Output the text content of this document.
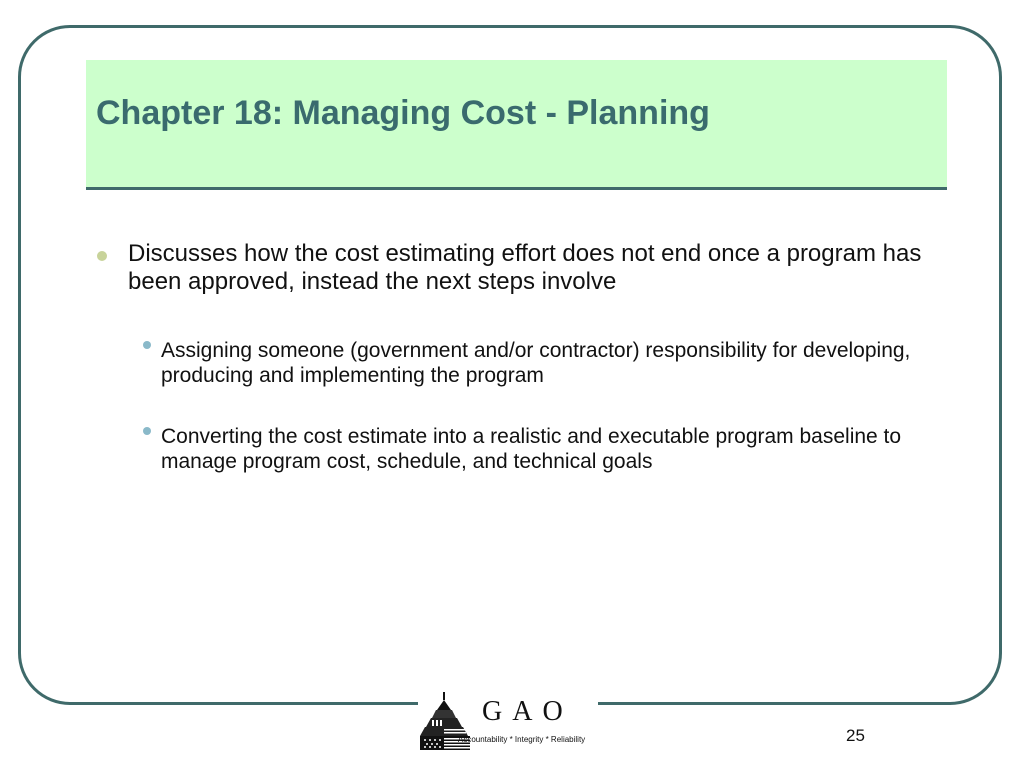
Chapter 18: Managing Cost - Planning
Discusses how the cost estimating effort does not end once a program has been approved, instead the next steps involve
Assigning someone (government and/or contractor) responsibility for developing, producing and implementing the program
Converting the cost estimate into a realistic and executable program baseline to manage program cost, schedule, and technical goals
GAO
Accountability * Integrity * Reliability	25
